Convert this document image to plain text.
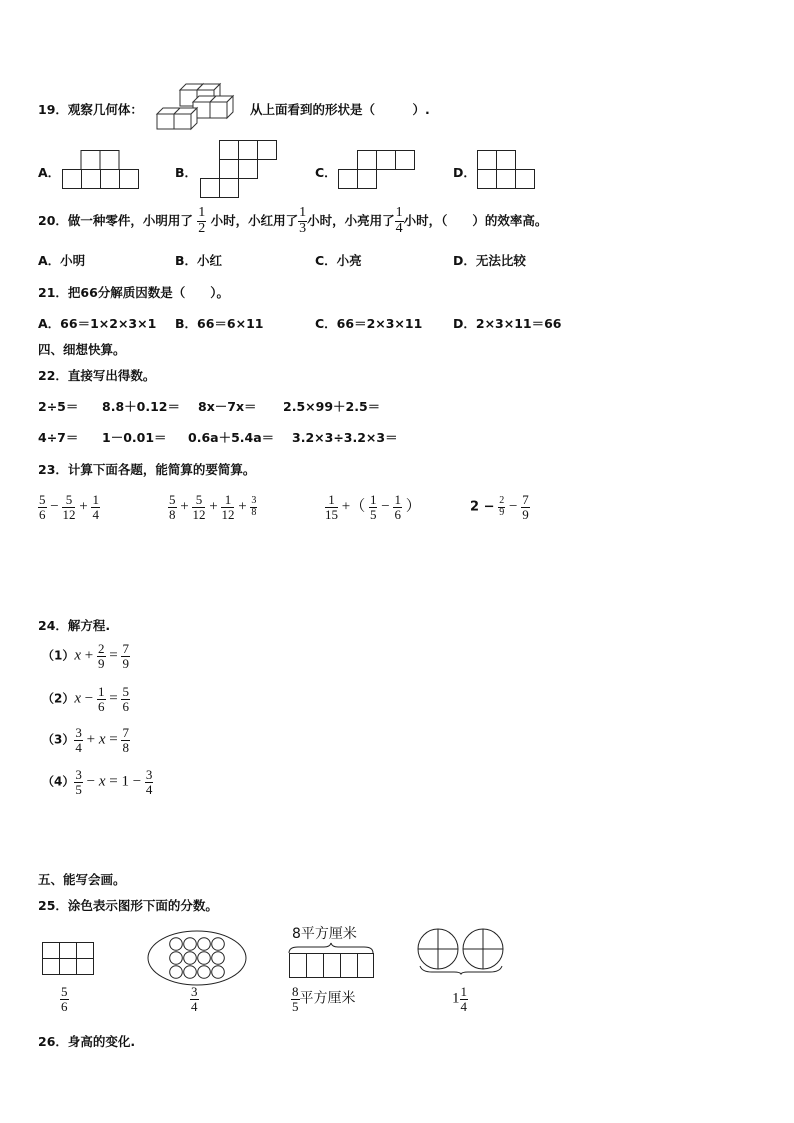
19．观察几何体：	从上面看到的形状是（　　　）.
A．	B．	C．	D．
20．做一种零件，小明用了 $\frac{1}{2}$ 小时，小红用了 $\frac{1}{3}$ 小时，小亮用了 $\frac{1}{4}$ 小时，（　　）的效率高。
A．小明	B．小红	C．小亮	D．无法比较
21．把66分解质因数是（　　）。
A．66＝1×2×3×1 B．66＝6×11	C．66＝2×3×11 D．2×3×11＝66
四、细想快算。
22．直接写出得数。
2÷5＝ 8.8＋0.12＝ 8x－7x＝ 2.5×99＋2.5＝
4÷7＝ 1－0.01＝ 0.6a＋5.4a＝ 3.2×3÷3.2×3＝
23．计算下面各题，能简算的要简算。
$\frac{5}{6} - \frac{5}{12} + \frac{1}{4}$	$\frac{5}{8} + \frac{5}{12} + \frac{1}{12} + \frac{3}{8}$	$\frac{1}{15}$ +（ $\frac{1}{5} - \frac{1}{6}$ ）	$2 - \frac{2}{9} - \frac{7}{9}$
24．解方程.
$(1)x + \frac{2}{9} = \frac{7}{9}$
$(2)x - \frac{1}{6} = \frac{5}{6}$
$(3) \frac{3}{4} + x = \frac{7}{8}$
$(4) \frac{3}{5} - x = 1 - \frac{3}{4}$
五、能写会画。
25．涂色表示图形下面的分数。
$\frac{5}{6}$	$\frac{3}{4}$
8平方厘米
$\frac{8}{5}$ 平方厘米	$1 \frac{1}{4}$
26．身高的变化.
